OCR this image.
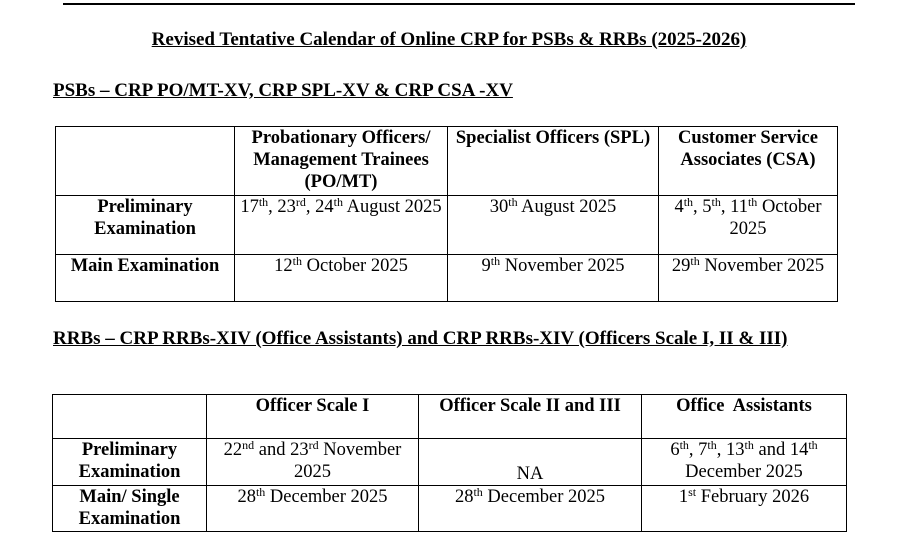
Revised Tentative Calendar of Online CRP for PSBs & RRBs (2025-2026)
PSBs – CRP PO/MT-XV, CRP SPL-XV & CRP CSA -XV
	Probationary Officers/ Management Trainees (PO/MT)	Specialist Officers (SPL)	Customer Service Associates (CSA)
Preliminary Examination	17th, 23rd, 24th August 2025	30th August 2025	4th, 5th, 11th October 2025
Main Examination	12th October 2025	9th November 2025	29th November 2025
RRBs – CRP RRBs-XIV (Office Assistants) and CRP RRBs-XIV (Officers Scale I, II & III)
	Officer Scale I	Officer Scale II and III	Office  Assistants
Preliminary Examination	22nd and 23rd November 2025	NA	6th, 7th, 13th and 14th December 2025
Main/ Single Examination	28th December 2025	28th December 2025	1st February 2026
